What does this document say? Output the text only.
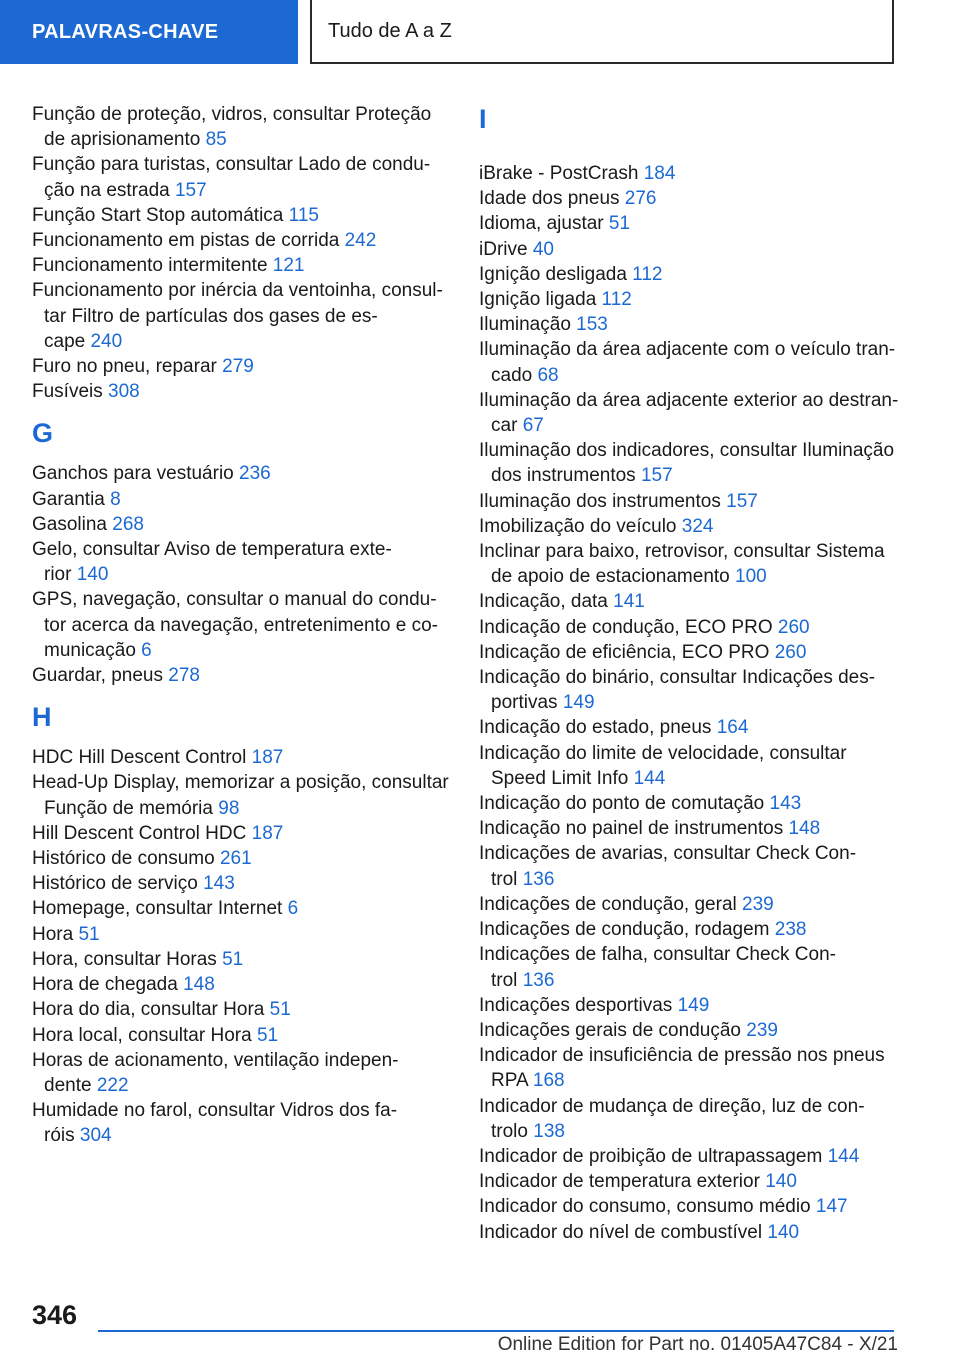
PALAVRAS-CHAVE	Tudo de A a Z
Função de proteção, vidros, consultar Proteção
de aprisionamento 85
Função para turistas, consultar Lado de condu-
ção na estrada 157
Função Start Stop automática 115
Funcionamento em pistas de corrida 242
Funcionamento intermitente 121
Funcionamento por inércia da ventoinha, consul-
tar Filtro de partículas dos gases de es-
cape 240
Furo no pneu, reparar 279
Fusíveis 308
G
Ganchos para vestuário 236
Garantia 8
Gasolina 268
Gelo, consultar Aviso de temperatura exte-
rior 140
GPS, navegação, consultar o manual do condu-
tor acerca da navegação, entretenimento e co-
municação 6
Guardar, pneus 278
H
HDC Hill Descent Control 187
Head-Up Display, memorizar a posição, consultar
Função de memória 98
Hill Descent Control HDC 187
Histórico de consumo 261
Histórico de serviço 143
Homepage, consultar Internet 6
Hora 51
Hora, consultar Horas 51
Hora de chegada 148
Hora do dia, consultar Hora 51
Hora local, consultar Hora 51
Horas de acionamento, ventilação indepen-
dente 222
Humidade no farol, consultar Vidros dos fa-
róis 304
I
iBrake - PostCrash 184
Idade dos pneus 276
Idioma, ajustar 51
iDrive 40
Ignição desligada 112
Ignição ligada 112
Iluminação 153
Iluminação da área adjacente com o veículo tran-
cado 68
Iluminação da área adjacente exterior ao destran-
car 67
Iluminação dos indicadores, consultar Iluminação
dos instrumentos 157
Iluminação dos instrumentos 157
Imobilização do veículo 324
Inclinar para baixo, retrovisor, consultar Sistema
de apoio de estacionamento 100
Indicação, data 141
Indicação de condução, ECO PRO 260
Indicação de eficiência, ECO PRO 260
Indicação do binário, consultar Indicações des-
portivas 149
Indicação do estado, pneus 164
Indicação do limite de velocidade, consultar
Speed Limit Info 144
Indicação do ponto de comutação 143
Indicação no painel de instrumentos 148
Indicações de avarias, consultar Check Con-
trol 136
Indicações de condução, geral 239
Indicações de condução, rodagem 238
Indicações de falha, consultar Check Con-
trol 136
Indicações desportivas 149
Indicações gerais de condução 239
Indicador de insuficiência de pressão nos pneus
RPA 168
Indicador de mudança de direção, luz de con-
trolo 138
Indicador de proibição de ultrapassagem 144
Indicador de temperatura exterior 140
Indicador do consumo, consumo médio 147
Indicador do nível de combustível 140
346
Online Edition for Part no. 01405A47C84 - X/21
